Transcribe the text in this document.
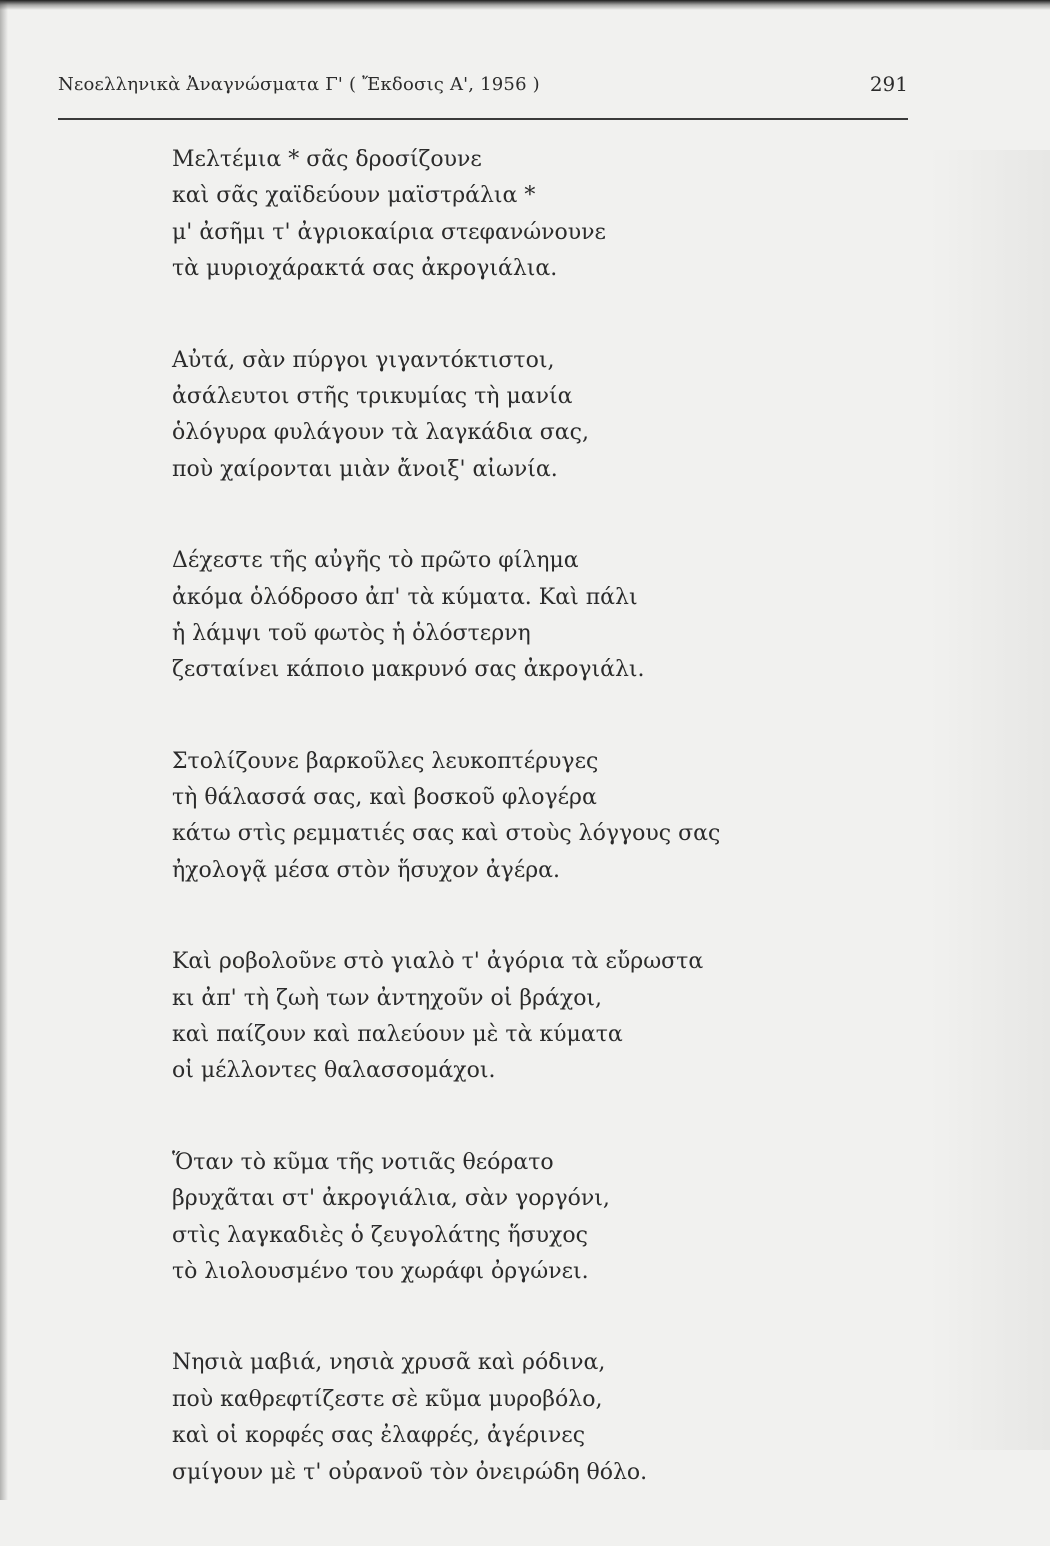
Νεοελληνικὰ Ἀναγνώσματα Γ' ( Ἔκδοσις Α', 1956 )	291
Μελτέμια * σᾶς δροσίζουνε
καὶ σᾶς χαϊδεύουν μαϊστράλια *
μ' ἀσῆμι τ' ἀγριοκαίρια στεφανώνουνε
τὰ μυριοχάρακτά σας ἀκρογιάλια.
Αὐτά, σὰν πύργοι γιγαντόκτιστοι,
ἀσάλευτοι στῆς τρικυμίας τὴ μανία
ὁλόγυρα φυλάγουν τὰ λαγκάδια σας,
ποὺ χαίρονται μιὰν ἄνοιξ' αἰωνία.
Δέχεστε τῆς αὐγῆς τὸ πρῶτο φίλημα
ἀκόμα ὁλόδροσο ἀπ' τὰ κύματα. Καὶ πάλι
ἡ λάμψι τοῦ φωτὸς ἡ ὁλόστερνη
ζεσταίνει κάποιο μακρυνό σας ἀκρογιάλι.
Στολίζουνε βαρκοῦλες λευκοπτέρυγες
τὴ θάλασσά σας, καὶ βοσκοῦ φλογέρα
κάτω στὶς ρεμματιές σας καὶ στοὺς λόγγους σας
ἠχολογᾷ μέσα στὸν ἥσυχον ἀγέρα.
Καὶ ροβολοῦνε στὸ γιαλὸ τ' ἀγόρια τὰ εὔρωστα
κι ἀπ' τὴ ζωὴ των ἀντηχοῦν οἱ βράχοι,
καὶ παίζουν καὶ παλεύουν μὲ τὰ κύματα
οἱ μέλλοντες θαλασσομάχοι.
Ὅταν τὸ κῦμα τῆς νοτιᾶς θεόρατο
βρυχᾶται στ' ἀκρογιάλια, σὰν γοργόνι,
στὶς λαγκαδιὲς ὁ ζευγολάτης ἥσυχος
τὸ λιολουσμένο του χωράφι ὀργώνει.
Νησιὰ μαβιά, νησιὰ χρυσᾶ καὶ ρόδινα,
ποὺ καθρεφτίζεστε σὲ κῦμα μυροβόλο,
καὶ οἱ κορφές σας ἐλαφρές, ἀγέρινες
σμίγουν μὲ τ' οὐρανοῦ τὸν ὀνειρώδη θόλο.
